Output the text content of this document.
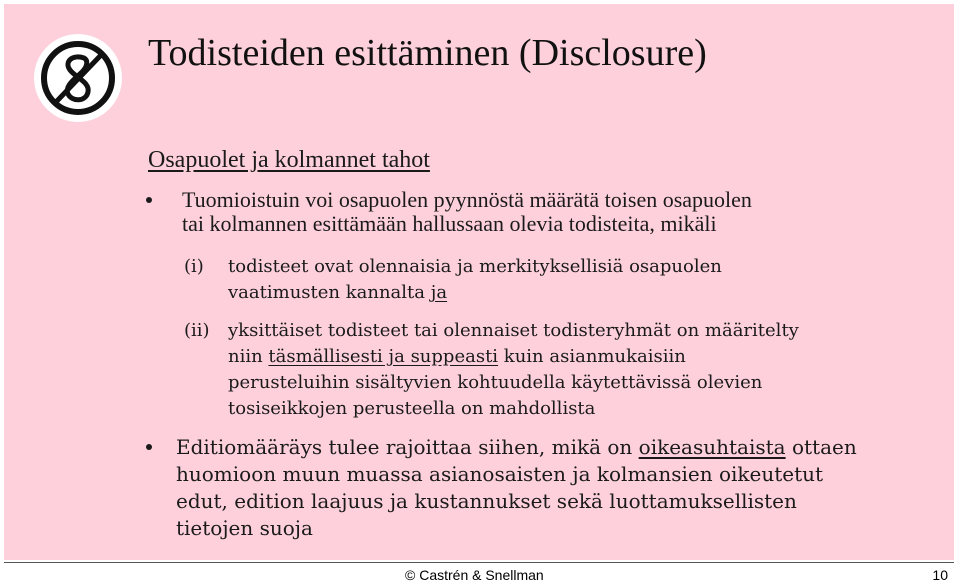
Todisteiden esittäminen (Disclosure)
Osapuolet ja kolmannet tahot
Tuomioistuin voi osapuolen pyynnöstä määrätä toisen osapuolen
tai kolmannen esittämään hallussaan olevia todisteita, mikäli
(i) todisteet ovat olennaisia ja merkityksellisiä osapuolen
vaatimusten kannalta ja
(ii) yksittäiset todisteet tai olennaiset todisteryhmät on määritelty
niin täsmällisesti ja suppeasti kuin asianmukaisiin
perusteluihin sisältyvien kohtuudella käytettävissä olevien
tosiseikkojen perusteella on mahdollista
Editiomääräys tulee rajoittaa siihen, mikä on oikeasuhtaista ottaen
huomioon muun muassa asianosaisten ja kolmansien oikeutetut
edut, edition laajuus ja kustannukset sekä luottamuksellisten
tietojen suoja
© Castrén & Snellman	10
